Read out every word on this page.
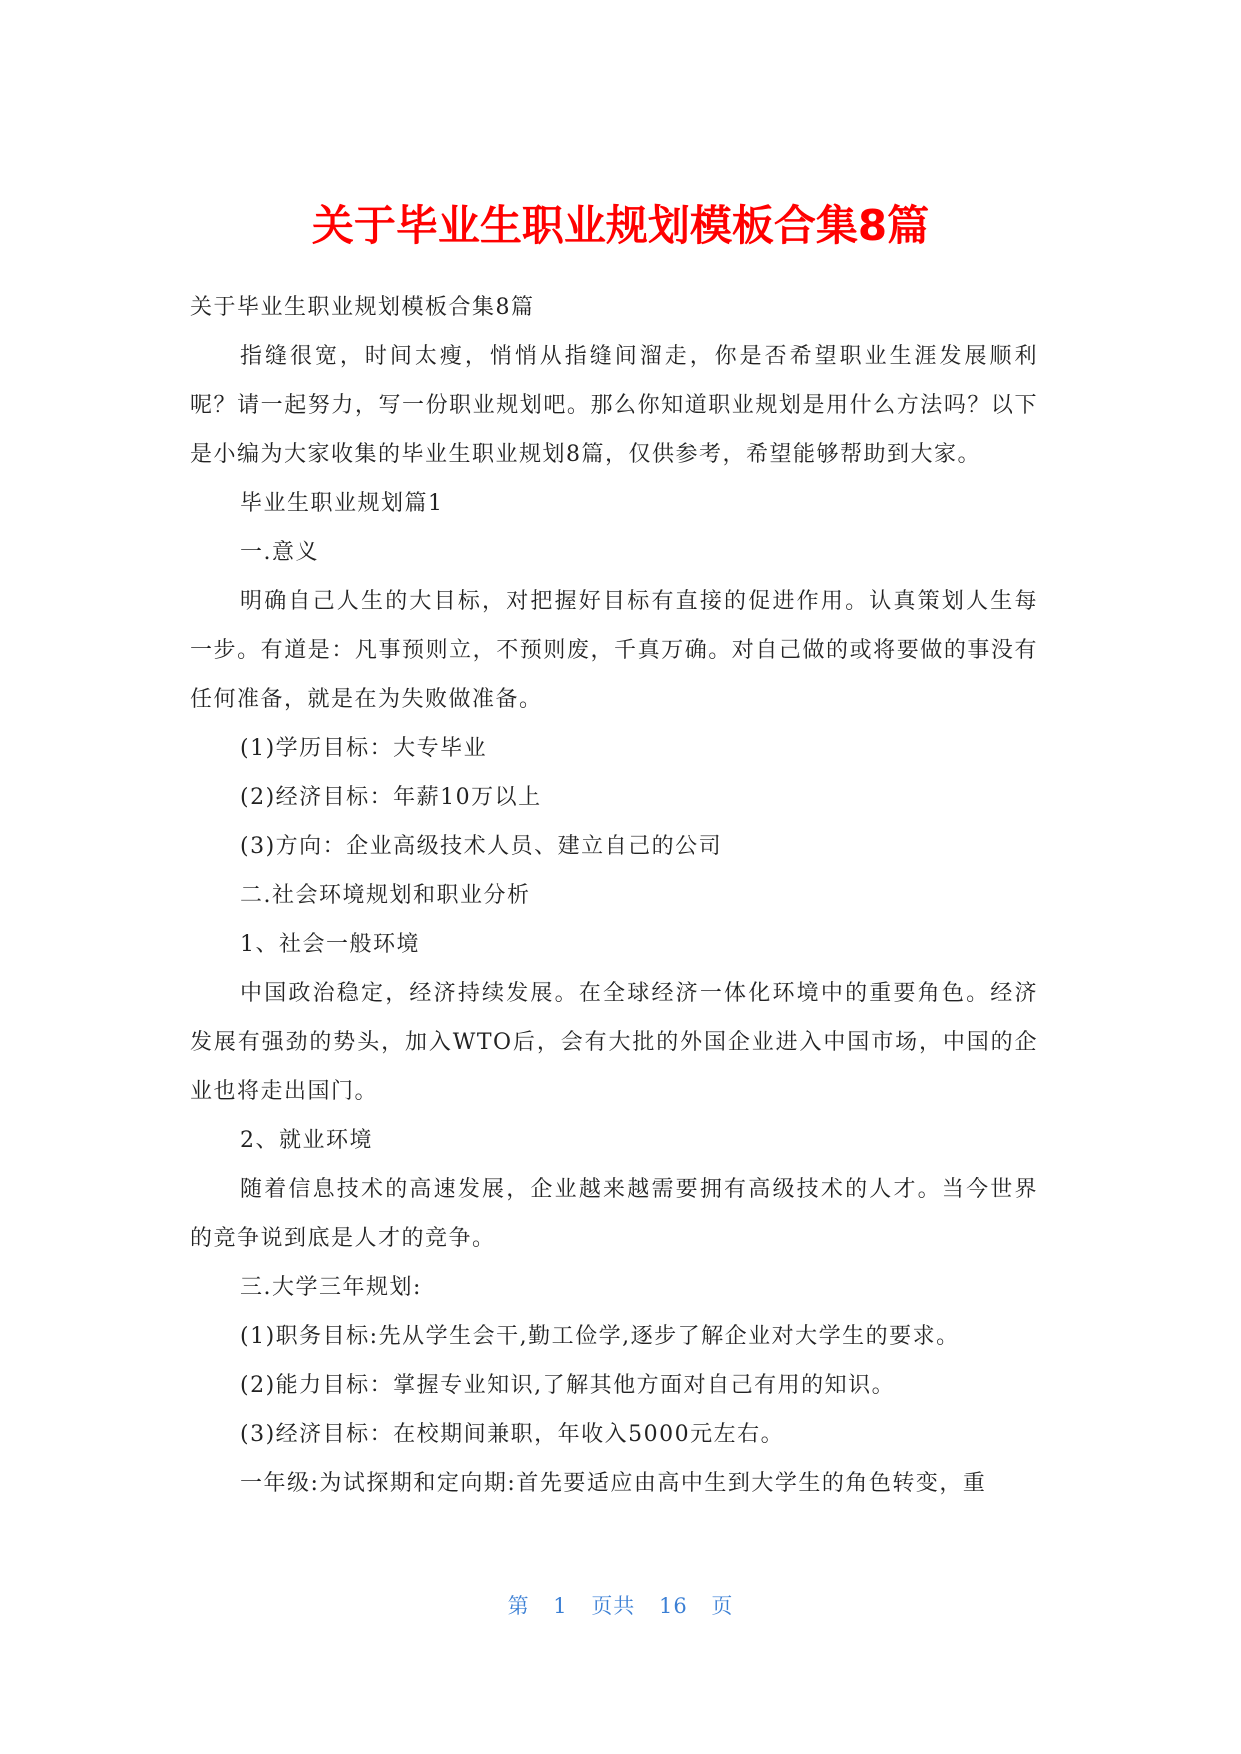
关于毕业生职业规划模板合集8篇

关于毕业生职业规划模板合集8篇

指缝很宽，时间太瘦，悄悄从指缝间溜走，你是否希望职业生涯发展顺利呢？请一起努力，写一份职业规划吧。那么你知道职业规划是用什么方法吗？以下是小编为大家收集的毕业生职业规划8篇，仅供参考，希望能够帮助到大家。

毕业生职业规划篇1

一.意义

明确自己人生的大目标，对把握好目标有直接的促进作用。认真策划人生每一步。有道是：凡事预则立，不预则废，千真万确。对自己做的或将要做的事没有任何准备，就是在为失败做准备。

(1)学历目标：大专毕业

(2)经济目标：年薪10万以上

(3)方向：企业高级技术人员、建立自己的公司

二.社会环境规划和职业分析

1、社会一般环境

中国政治稳定，经济持续发展。在全球经济一体化环境中的重要角色。经济发展有强劲的势头，加入WTO后，会有大批的外国企业进入中国市场，中国的企业也将走出国门。

2、就业环境

随着信息技术的高速发展，企业越来越需要拥有高级技术的人才。当今世界的竞争说到底是人才的竞争。

三.大学三年规划:

(1)职务目标:先从学生会干,勤工俭学,逐步了解企业对大学生的要求。

(2)能力目标：掌握专业知识,了解其他方面对自己有用的知识。

(3)经济目标：在校期间兼职，年收入5000元左右。

一年级:为试探期和定向期:首先要适应由高中生到大学生的角色转变，重

第 1 页共 16 页
